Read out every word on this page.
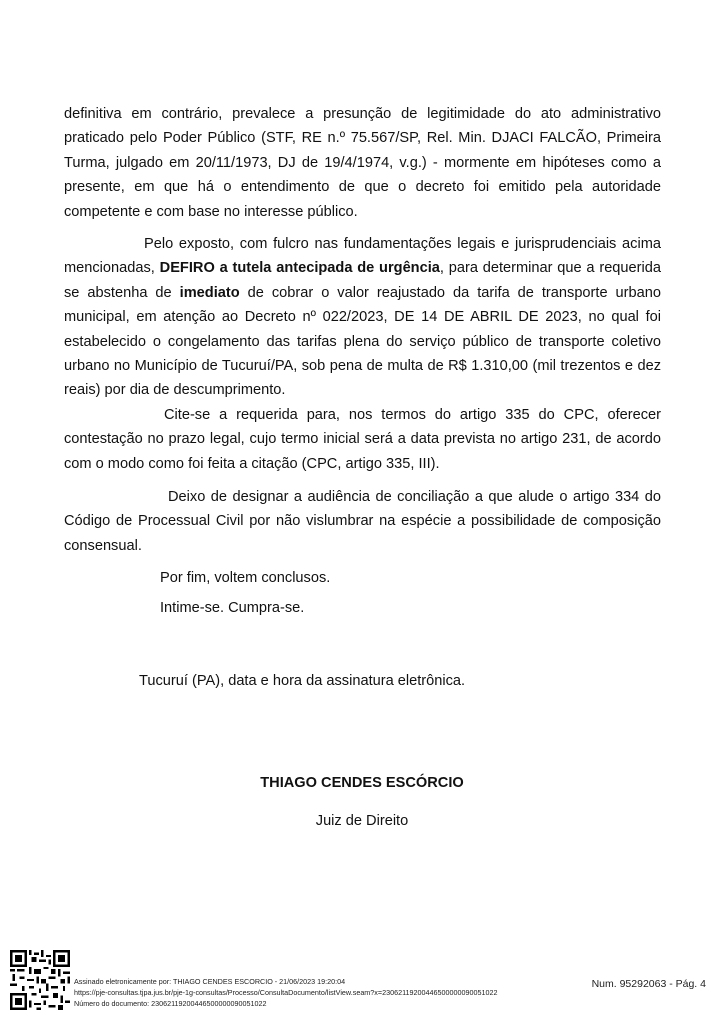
definitiva em contrário, prevalece a presunção de legitimidade do ato administrativo praticado pelo Poder Público (STF, RE n.º 75.567/SP, Rel. Min. DJACI FALCÃO, Primeira Turma, julgado em 20/11/1973, DJ de 19/4/1974, v.g.) - mormente em hipóteses como a presente, em que há o entendimento de que o decreto foi emitido pela autoridade competente e com base no interesse público.

Pelo exposto, com fulcro nas fundamentações legais e jurisprudenciais acima mencionadas, DEFIRO a tutela antecipada de urgência, para determinar que a requerida se abstenha de imediato de cobrar o valor reajustado da tarifa de transporte urbano municipal, em atenção ao Decreto nº 022/2023, DE 14 DE ABRIL DE 2023, no qual foi estabelecido o congelamento das tarifas plena do serviço público de transporte coletivo urbano no Município de Tucuruí/PA, sob pena de multa de R$ 1.310,00 (mil trezentos e dez reais) por dia de descumprimento.

Cite-se a requerida para, nos termos do artigo 335 do CPC, oferecer contestação no prazo legal, cujo termo inicial será a data prevista no artigo 231, de acordo com o modo como foi feita a citação (CPC, artigo 335, III).

Deixo de designar a audiência de conciliação a que alude o artigo 334 do Código de Processual Civil por não vislumbrar na espécie a possibilidade de composição consensual.

Por fim, voltem conclusos.

Intime-se. Cumpra-se.

Tucuruí (PA), data e hora da assinatura eletrônica.

THIAGO CENDES ESCÓRCIO
Juiz de Direito
Assinado eletronicamente por: THIAGO CENDES ESCORCIO - 21/06/2023 19:20:04
https://pje-consultas.tjpa.jus.br/pje-1g-consultas/Processo/ConsultaDocumento/listView.seam?x=23062119200446500000090051022
Número do documento: 23062119200446500000090051022
Num. 95292063 - Pág. 4
